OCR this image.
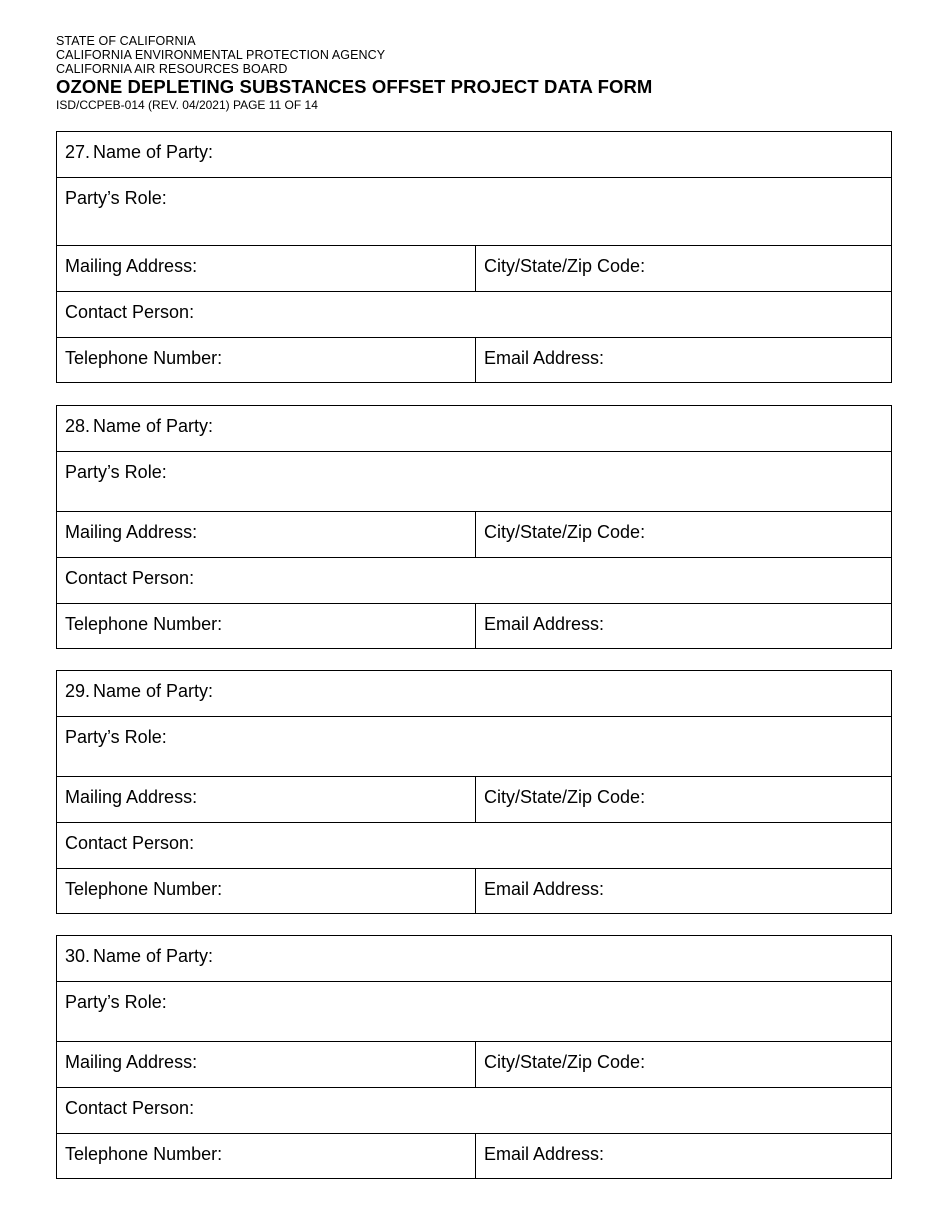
STATE OF CALIFORNIA
CALIFORNIA ENVIRONMENTAL PROTECTION AGENCY
CALIFORNIA AIR RESOURCES BOARD
OZONE DEPLETING SUBSTANCES OFFSET PROJECT DATA FORM
ISD/CCPEB-014 (REV. 04/2021) PAGE 11 OF 14
27. Name of Party:
Party’s Role:
Mailing Address:	City/State/Zip Code:
Contact Person:
Telephone Number:	Email Address:
28. Name of Party:
Party’s Role:
Mailing Address:	City/State/Zip Code:
Contact Person:
Telephone Number:	Email Address:
29. Name of Party:
Party’s Role:
Mailing Address:	City/State/Zip Code:
Contact Person:
Telephone Number:	Email Address:
30. Name of Party:
Party’s Role:
Mailing Address:	City/State/Zip Code:
Contact Person:
Telephone Number:	Email Address:
